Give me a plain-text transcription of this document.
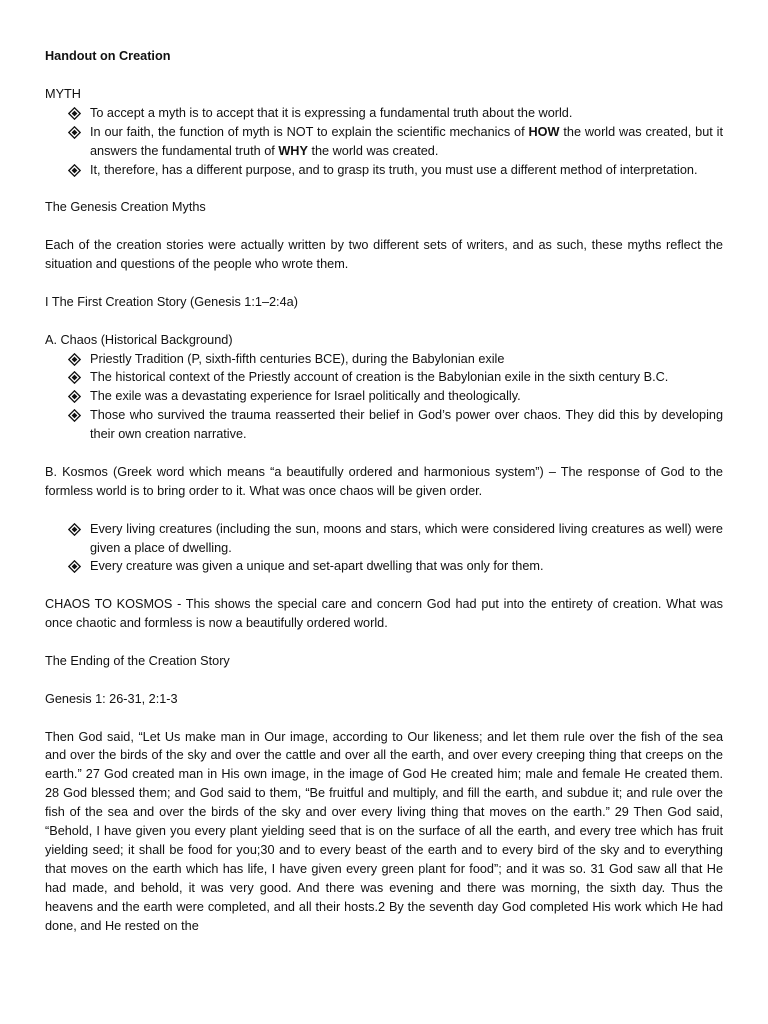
Handout on Creation

MYTH

To accept a myth is to accept that it is expressing a fundamental truth about the world.
In our faith, the function of myth is NOT to explain the scientific mechanics of HOW the world was created, but it answers the fundamental truth of WHY the world was created.
It, therefore, has a different purpose, and to grasp its truth, you must use a different method of interpretation.

The Genesis Creation Myths

Each of the creation stories were actually written by two different sets of writers, and as such, these myths reflect the situation and questions of the people who wrote them.

I The First Creation Story (Genesis 1:1–2:4a)

A. Chaos (Historical Background)

Priestly Tradition (P, sixth-fifth centuries BCE), during the Babylonian exile
The historical context of the Priestly account of creation is the Babylonian exile in the sixth century B.C.
The exile was a devastating experience for Israel politically and theologically.
Those who survived the trauma reasserted their belief in God’s power over chaos. They did this by developing their own creation narrative.

B. Kosmos (Greek word which means “a beautifully ordered and harmonious system”) – The response of God to the formless world is to bring order to it. What was once chaos will be given order.

Every living creatures (including the sun, moons and stars, which were considered living creatures as well) were given a place of dwelling.
Every creature was given a unique and set-apart dwelling that was only for them.

CHAOS TO KOSMOS - This shows the special care and concern God had put into the entirety of creation. What was once chaotic and formless is now a beautifully ordered world.

The Ending of the Creation Story

Genesis 1: 26-31, 2:1-3

Then God said, “Let Us make man in Our image, according to Our likeness; and let them rule over the fish of the sea and over the birds of the sky and over the cattle and over all the earth, and over every creeping thing that creeps on the earth.” 27 God created man in His own image, in the image of God He created him; male and female He created them. 28 God blessed them; and God said to them, “Be fruitful and multiply, and fill the earth, and subdue it; and rule over the fish of the sea and over the birds of the sky and over every living thing that moves on the earth.” 29 Then God said, “Behold, I have given you every plant yielding seed that is on the surface of all the earth, and every tree which has fruit yielding seed; it shall be food for you;30 and to every beast of the earth and to every bird of the sky and to everything that moves on the earth which has life, I have given every green plant for food”; and it was so. 31 God saw all that He had made, and behold, it was very good. And there was evening and there was morning, the sixth day. Thus the heavens and the earth were completed, and all their hosts.2 By the seventh day God completed His work which He had done, and He rested on the
